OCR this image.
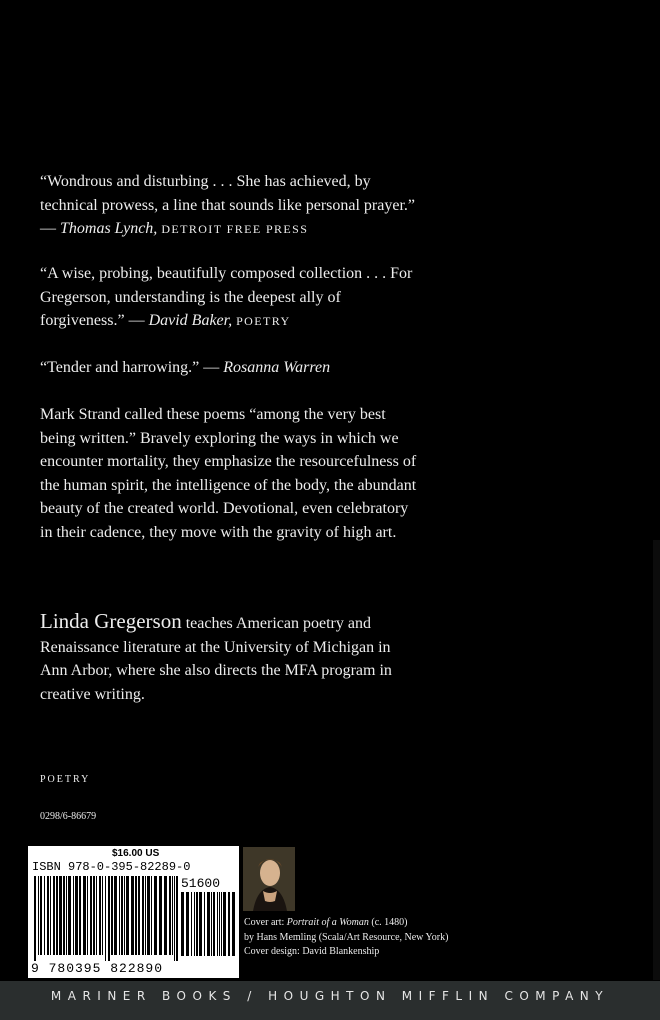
“Wondrous and disturbing . . . She has achieved, by technical prowess, a line that sounds like personal prayer.” — Thomas Lynch, DETROIT FREE PRESS
“A wise, probing, beautifully composed collection . . . For Gregerson, understanding is the deepest ally of forgiveness.” — David Baker, POETRY
“Tender and harrowing.” — Rosanna Warren
Mark Strand called these poems “among the very best being written.” Bravely exploring the ways in which we encounter mortality, they emphasize the resourcefulness of the human spirit, the intelligence of the body, the abundant beauty of the created world. Devotional, even celebratory in their cadence, they move with the gravity of high art.
Linda Gregerson teaches American poetry and Renaissance literature at the University of Michigan in Ann Arbor, where she also directs the MFA program in creative writing.
POETRY
0298/6-86679
$16.00 US
ISBN 978-0-395-82289-0
51600
9 780395 822890
Cover art: Portrait of a Woman (c. 1480)
by Hans Memling (Scala/Art Resource, New York)
Cover design: David Blankenship
MARINER BOOKS / HOUGHTON MIFFLIN COMPANY
